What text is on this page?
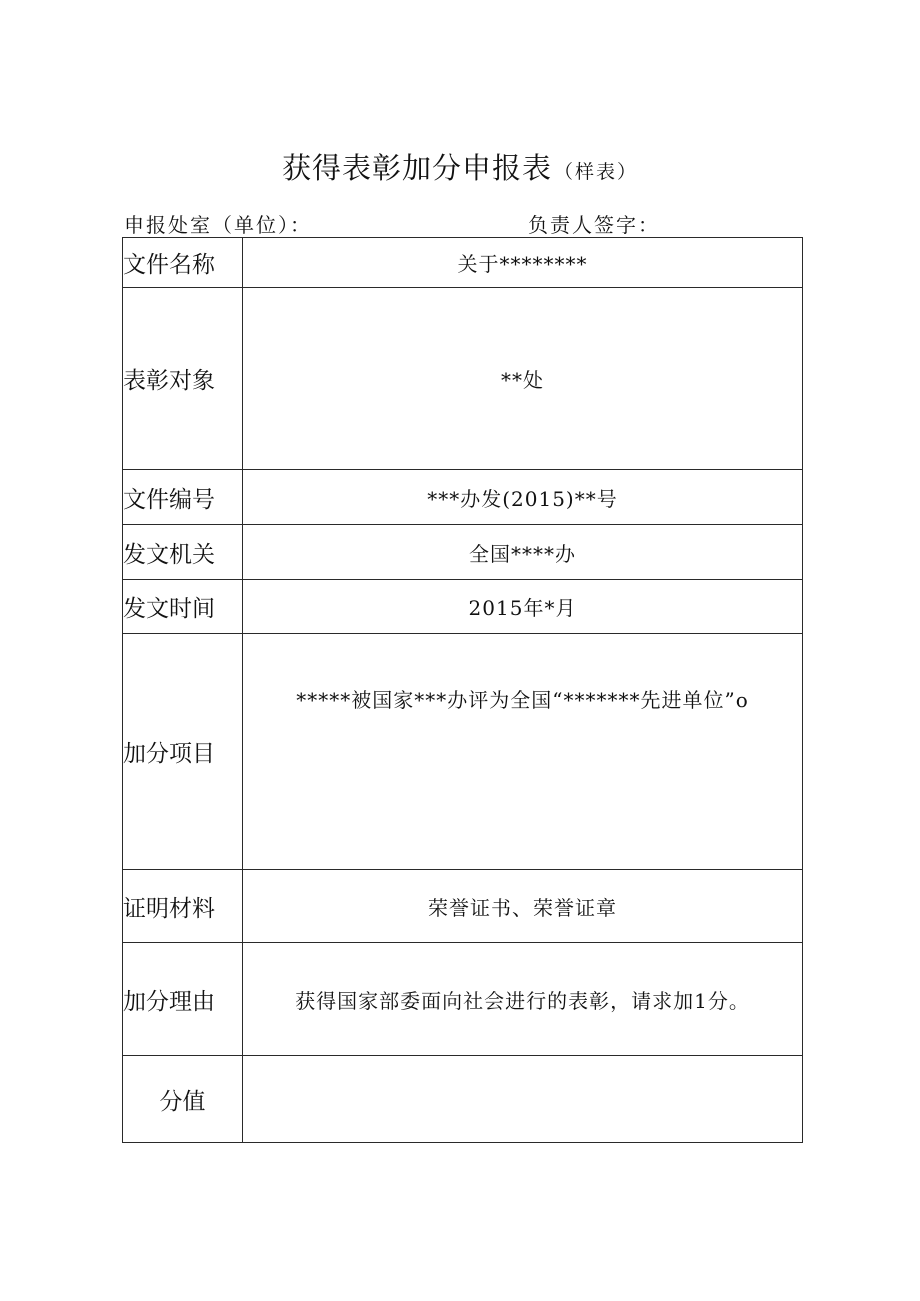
获得表彰加分申报表 （样表）
申报处室（单位）：	负责人签字：
文件名称	关于********
表彰对象	**处
文件编号	***办发(2015)**号
发文机关	全国****办
发文时间	2015年*月
加分项目	*****被国家***办评为全国“*******先进单位”o
证明材料	荣誉证书、荣誉证章
加分理由	获得国家部委面向社会进行的表彰，请求加1分。
分值	
